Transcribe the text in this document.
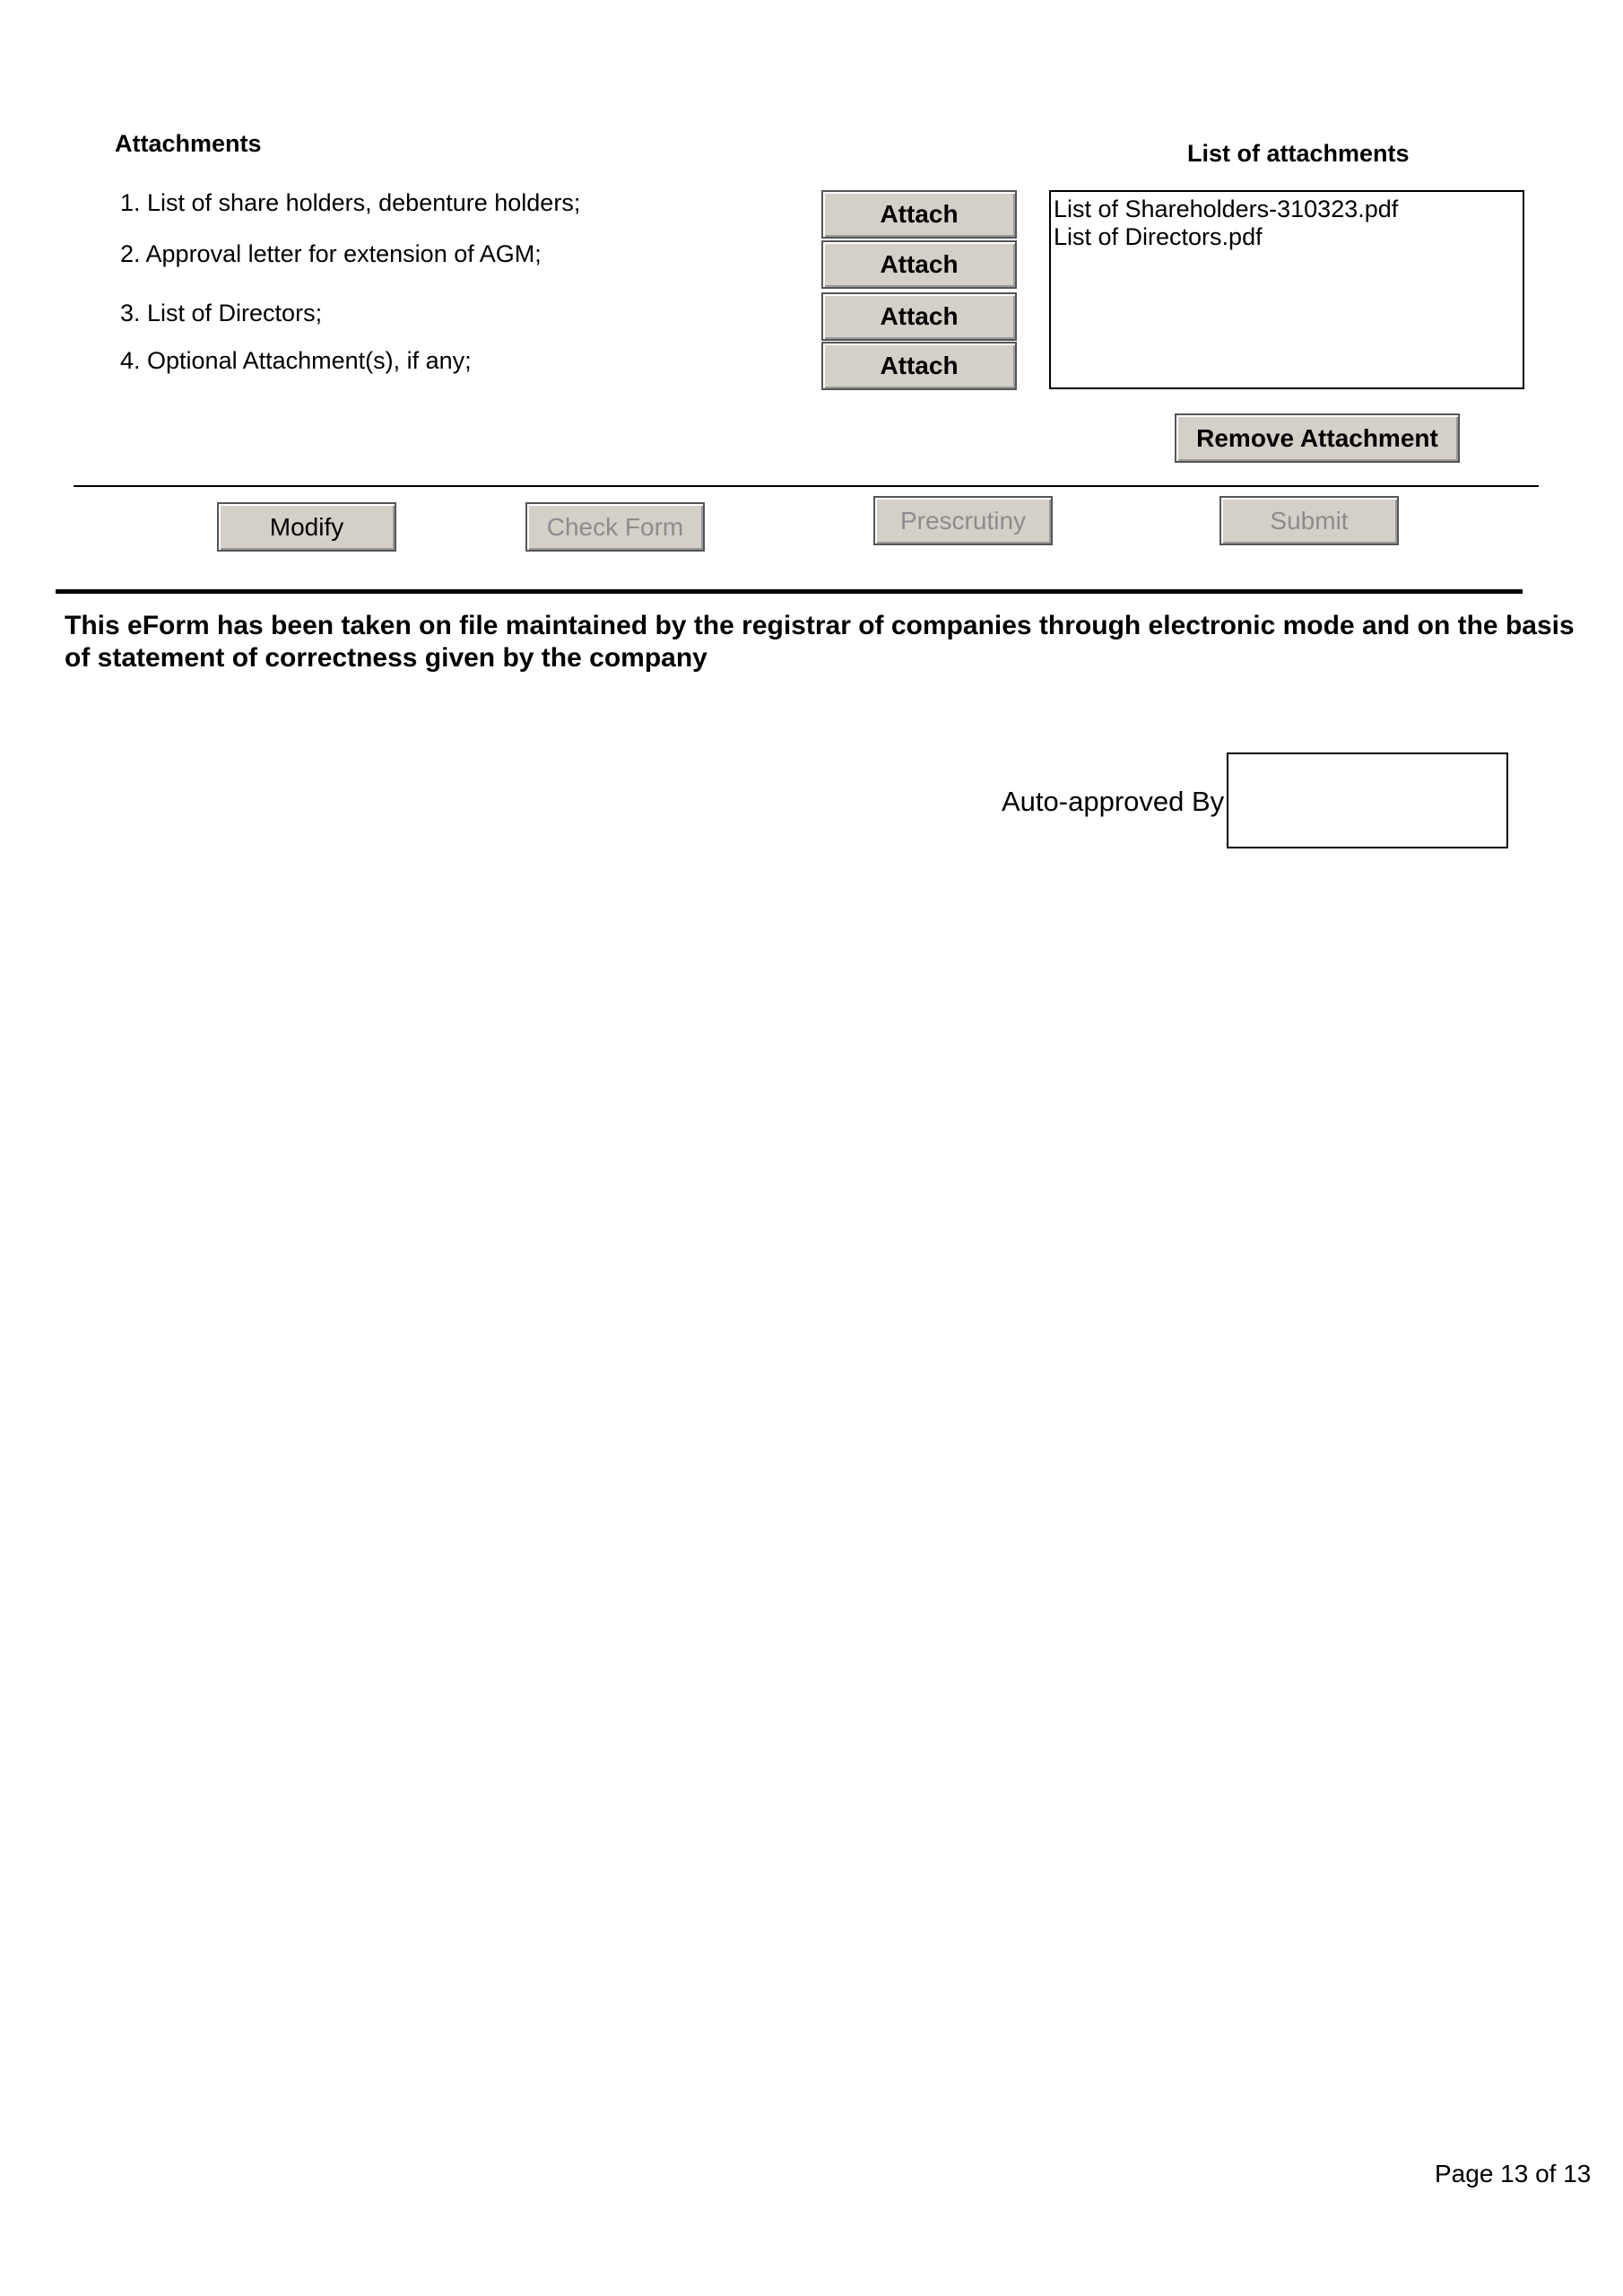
Attachments
1. List of share holders, debenture holders;
2. Approval letter for extension of AGM;
3. List of Directors;
4. Optional Attachment(s), if any;
Attach
Attach
Attach
Attach
List of attachments
List of Shareholders-310323.pdf
List of Directors.pdf
Remove Attachment
Modify	Check Form	Prescrutiny	Submit
This eForm has been taken on file maintained by the registrar of companies through electronic mode and on the basis of statement of correctness given by the company
Auto-approved By
Page 13 of 13
